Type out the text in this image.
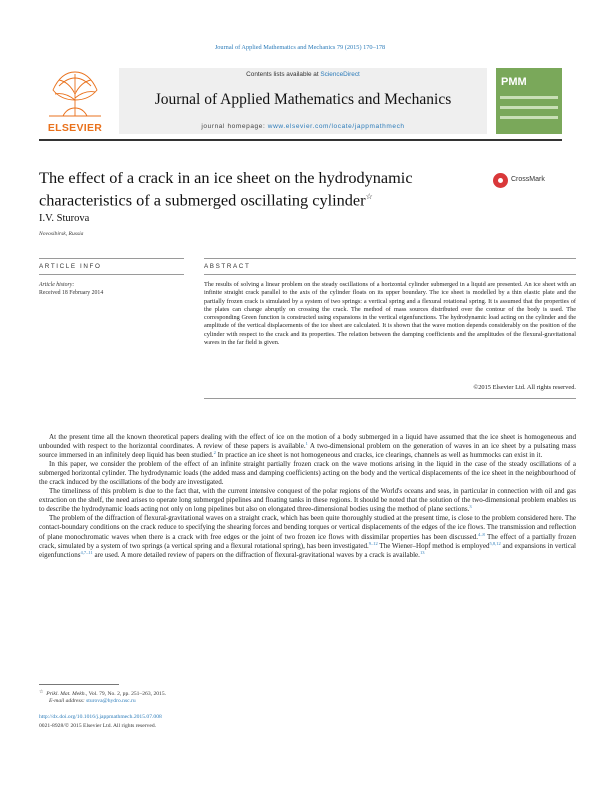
Journal of Applied Mathematics and Mechanics 79 (2015) 170–178
ELSEVIER
Contents lists available at ScienceDirect
Journal of Applied Mathematics and Mechanics
journal homepage: www.elsevier.com/locate/jappmathmech
PMM
The effect of a crack in an ice sheet on the hydrodynamic characteristics of a submerged oscillating cylinder☆
CrossMark
I.V. Sturova
Novosibirsk, Russia
ARTICLE INFO	ABSTRACT
Article history:
Received 18 February 2014
The results of solving a linear problem on the steady oscillations of a horizontal cylinder submerged in a liquid are presented. An ice sheet with an infinite straight crack parallel to the axis of the cylinder floats on its upper boundary. The ice sheet is modelled by a thin elastic plate and the partially frozen crack is simulated by a system of two springs: a vertical spring and a flexural rotational spring. It is assumed that the properties of the plates can change abruptly on crossing the crack. The method of mass sources distributed over the contour of the body is used. The corresponding Green function is constructed using expansions in the vertical eigenfunctions. The hydrodynamic load acting on the cylinder and the amplitude of the vertical displacements of the ice sheet are calculated. It is shown that the wave motion depends considerably on the position of the cylinder with respect to the crack and its properties. The relation between the damping coefficients and the amplitudes of the flexural-gravitational waves in the far field is given.
©2015 Elsevier Ltd. All rights reserved.

At the present time all the known theoretical papers dealing with the effect of ice on the motion of a body submerged in a liquid have assumed that the ice sheet is homogeneous and unbounded with respect to the horizontal coordinates. A review of these papers is available.$^1$ A two-dimensional problem on the generation of waves in an ice sheet by a pulsating mass source immersed in an infinitely deep liquid has been studied.$^2$ In practice an ice sheet is not homogeneous and cracks, ice clearings, channels as well as hummocks can exist in it.

In this paper, we consider the problem of the effect of an infinite straight partially frozen crack on the wave motions arising in the liquid in the case of the steady oscillations of a submerged horizontal cylinder. The hydrodynamic loads (the added mass and damping coefficients) acting on the body and the vertical displacements of the ice sheet in the neighbourhood of the crack induced by the oscillations of the body are investigated.

The timeliness of this problem is due to the fact that, with the current intensive conquest of the polar regions of the World's oceans and seas, in particular in connection with oil and gas extraction on the shelf, the need arises to operate long submerged pipelines and floating tanks in these regions. It should be noted that the solution of the two-dimensional problem enables us to describe the hydrodynamic loads acting not only on long pipelines but also on elongated three-dimensional bodies using the method of plane sections.$^3$

The problem of the diffraction of flexural-gravitational waves on a straight crack, which has been quite thoroughly studied at the present time, is close to the problem considered here. The contact-boundary conditions on the crack reduce to specifying the shearing forces and bending torques or vertical displacements of the edges of the ice flows. The transmission and reflection of plane monochromatic waves when there is a crack with free edges or the joint of two frozen ice flows with dissimilar properties has been discussed.$^{4-8}$ The effect of a partially frozen crack, simulated by a system of two springs (a vertical spring and a flexural rotational spring), has been investigated.$^{9-12}$ The Wiener–Hopf method is employed$^{5,8,12}$ and expansions in vertical eigenfunctions$^{4,7-11}$ are used. A more detailed review of papers on the diffraction of flexural-gravitational waves by a crack is available.$^{13}$

☆ Prikl. Mat. Mekh., Vol. 79, No. 2, pp. 251–263, 2015.
E-mail address: sturova@hydro.nsc.ru
http://dx.doi.org/10.1016/j.jappmathmech.2015.07.008
0021-8928/© 2015 Elsevier Ltd. All rights reserved.
